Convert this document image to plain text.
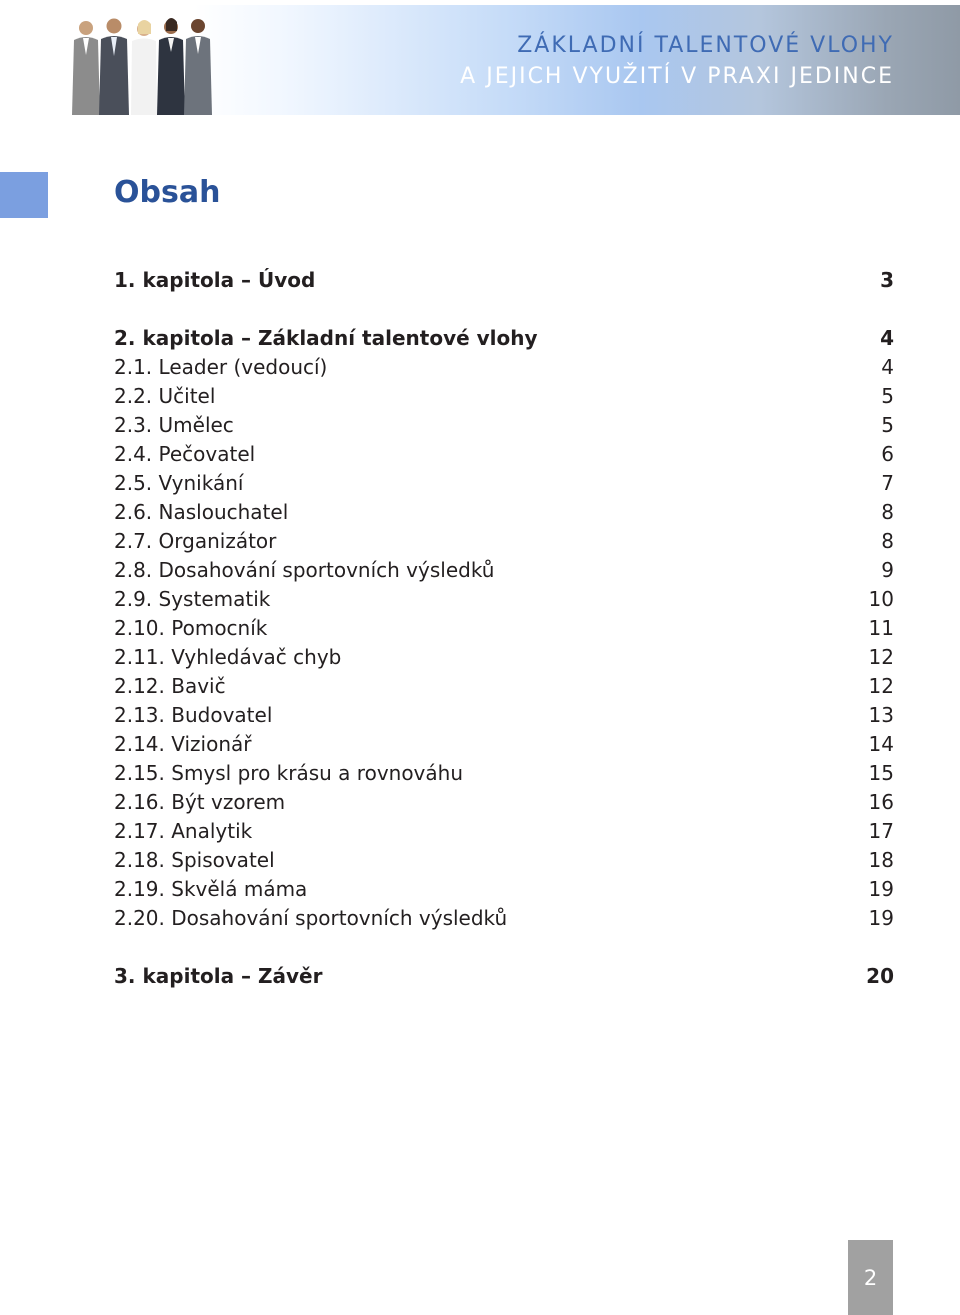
ZÁKLADNÍ TALENTOVÉ VLOHY
A JEJICH VYUŽITÍ V PRAXI JEDINCE
Obsah
1. kapitola – Úvod	3
2. kapitola – Základní talentové vlohy	4
2.1. Leader (vedoucí)	4
2.2. Učitel	5
2.3. Umělec	5
2.4. Pečovatel	6
2.5. Vynikání	7
2.6. Naslouchatel	8
2.7. Organizátor	8
2.8. Dosahování sportovních výsledků	9
2.9. Systematik	10
2.10. Pomocník	11
2.11. Vyhledávač chyb	12
2.12. Bavič	12
2.13. Budovatel	13
2.14. Vizionář	14
2.15. Smysl pro krásu a rovnováhu	15
2.16. Být vzorem	16
2.17. Analytik	17
2.18. Spisovatel	18
2.19. Skvělá máma	19
2.20. Dosahování sportovních výsledků	19
3. kapitola – Závěr	20
2
